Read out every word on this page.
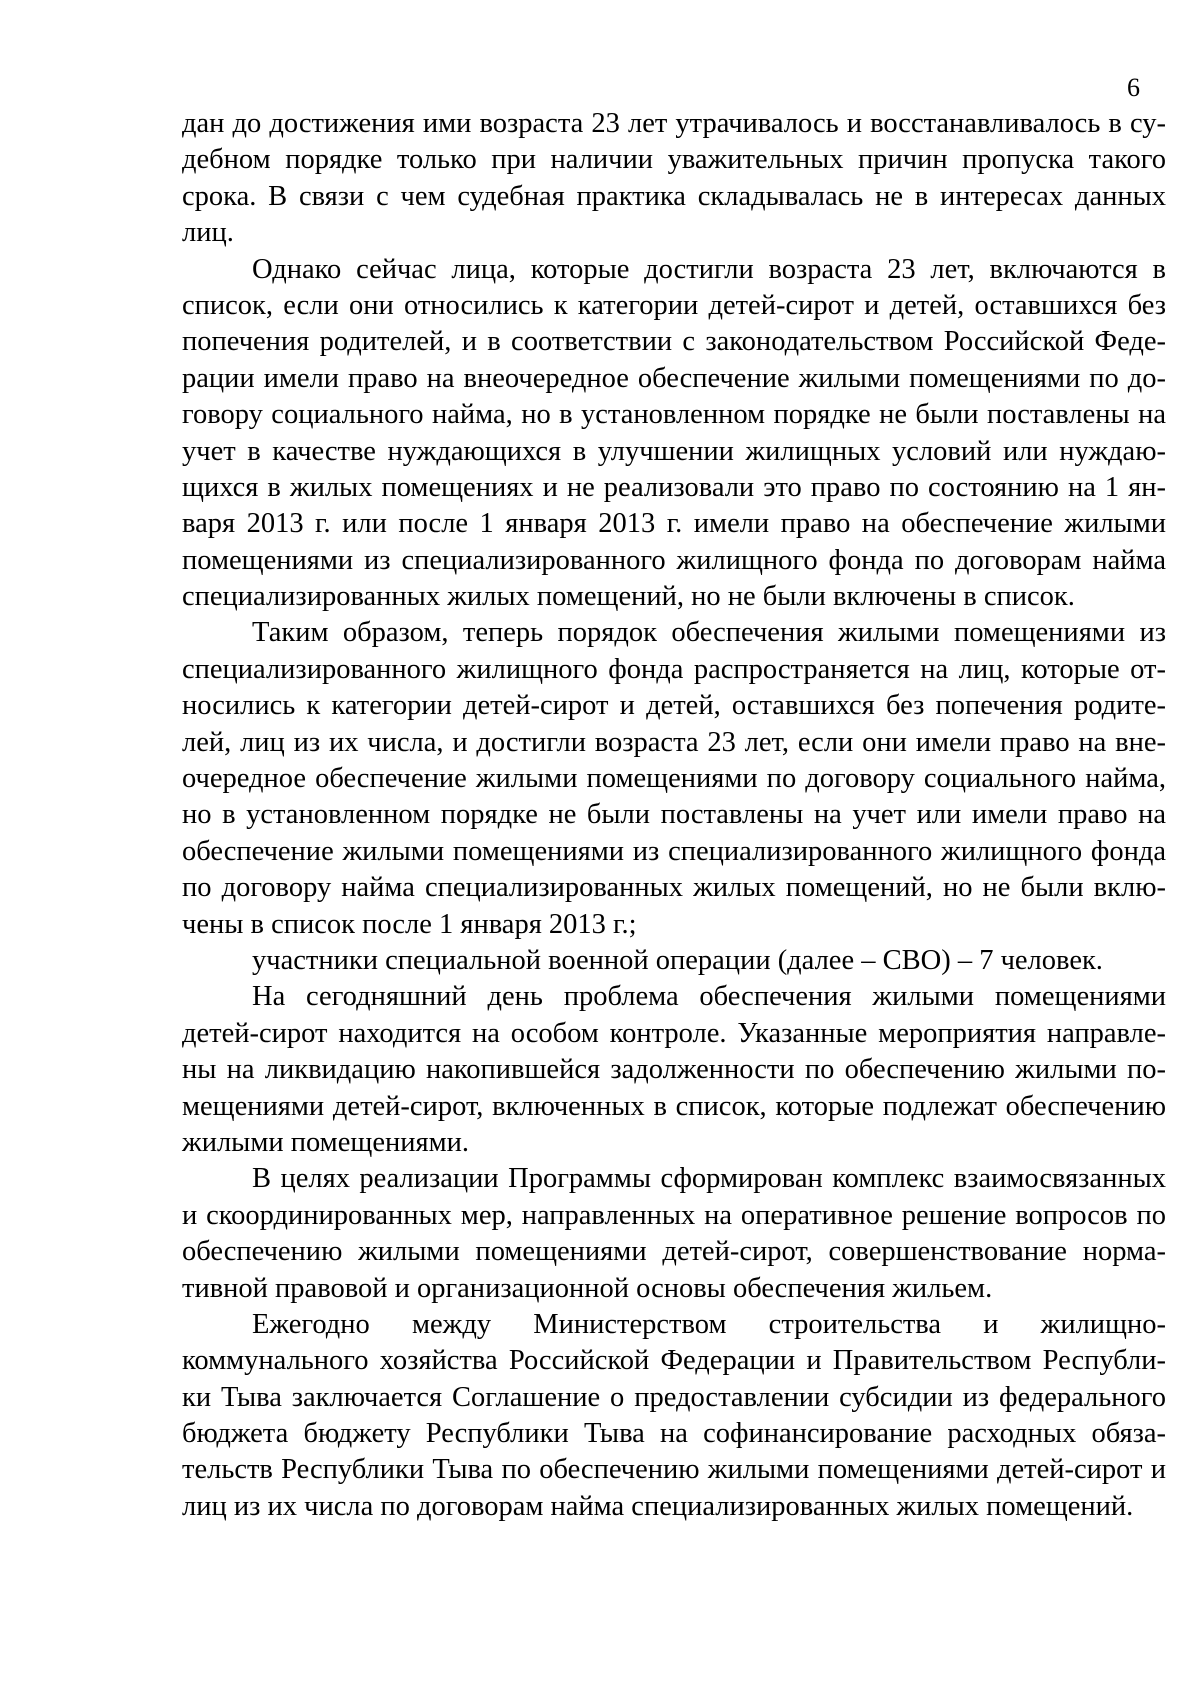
6
дан до достижения ими возраста 23 лет утрачивалось и восстанавливалось в су-
дебном порядке только при наличии уважительных причин пропуска такого
срока. В связи с чем судебная практика складывалась не в интересах данных
лиц.
Однако сейчас лица, которые достигли возраста 23 лет, включаются в
список, если они относились к категории детей-сирот и детей, оставшихся без
попечения родителей, и в соответствии с законодательством Российской Феде-
рации имели право на внеочередное обеспечение жилыми помещениями по до-
говору социального найма, но в установленном порядке не были поставлены на
учет в качестве нуждающихся в улучшении жилищных условий или нуждаю-
щихся в жилых помещениях и не реализовали это право по состоянию на 1 ян-
варя 2013 г. или после 1 января 2013 г. имели право на обеспечение жилыми
помещениями из специализированного жилищного фонда по договорам найма
специализированных жилых помещений, но не были включены в список.
Таким образом, теперь порядок обеспечения жилыми помещениями из
специализированного жилищного фонда распространяется на лиц, которые от-
носились к категории детей-сирот и детей, оставшихся без попечения родите-
лей, лиц из их числа, и достигли возраста 23 лет, если они имели право на вне-
очередное обеспечение жилыми помещениями по договору социального найма,
но в установленном порядке не были поставлены на учет или имели право на
обеспечение жилыми помещениями из специализированного жилищного фонда
по договору найма специализированных жилых помещений, но не были вклю-
чены в список после 1 января 2013 г.;
участники специальной военной операции (далее – СВО) – 7 человек.
На сегодняшний день проблема обеспечения жилыми помещениями
детей-сирот находится на особом контроле. Указанные мероприятия направле-
ны на ликвидацию накопившейся задолженности по обеспечению жилыми по-
мещениями детей-сирот, включенных в список, которые подлежат обеспечению
жилыми помещениями.
В целях реализации Программы сформирован комплекс взаимосвязанных
и скоординированных мер, направленных на оперативное решение вопросов по
обеспечению жилыми помещениями детей-сирот, совершенствование норма-
тивной правовой и организационной основы обеспечения жильем.
Ежегодно между Министерством строительства и жилищно-
коммунального хозяйства Российской Федерации и Правительством Республи-
ки Тыва заключается Соглашение о предоставлении субсидии из федерального
бюджета бюджету Республики Тыва на софинансирование расходных обяза-
тельств Республики Тыва по обеспечению жилыми помещениями детей-сирот и
лиц из их числа по договорам найма специализированных жилых помещений.
